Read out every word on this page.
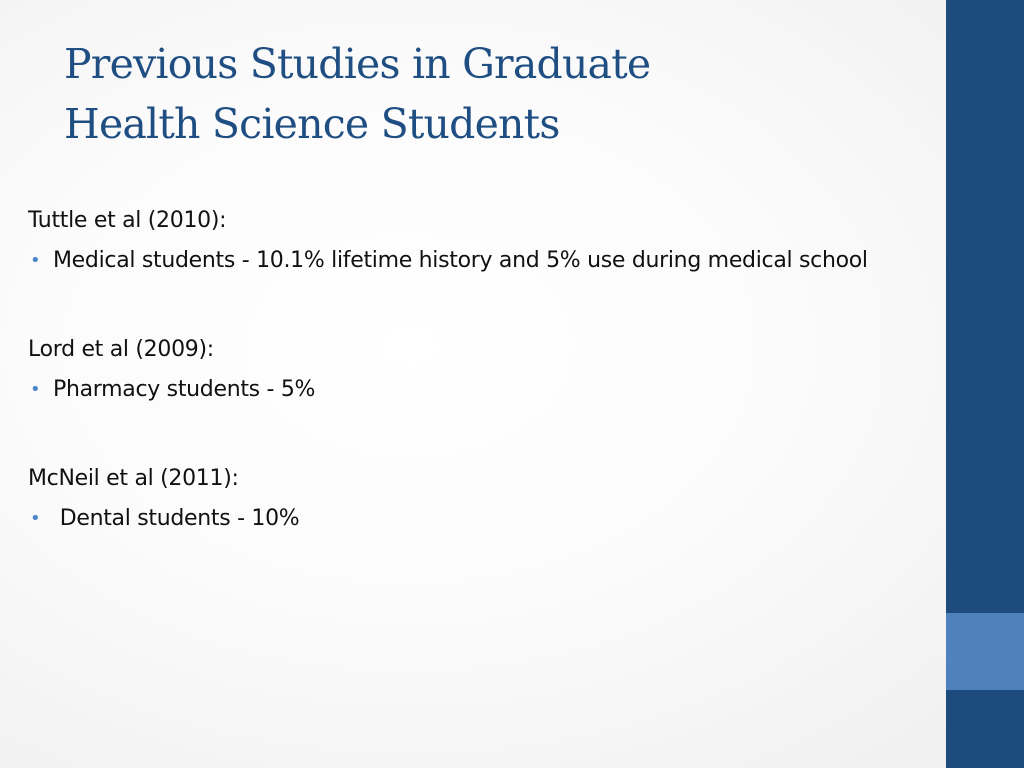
Previous Studies in Graduate
Health Science Students
Tuttle et al (2010):
• Medical students - 10.1% lifetime history and 5% use during medical school
Lord et al (2009):
• Pharmacy students - 5%
McNeil et al (2011):
• Dental students - 10%
